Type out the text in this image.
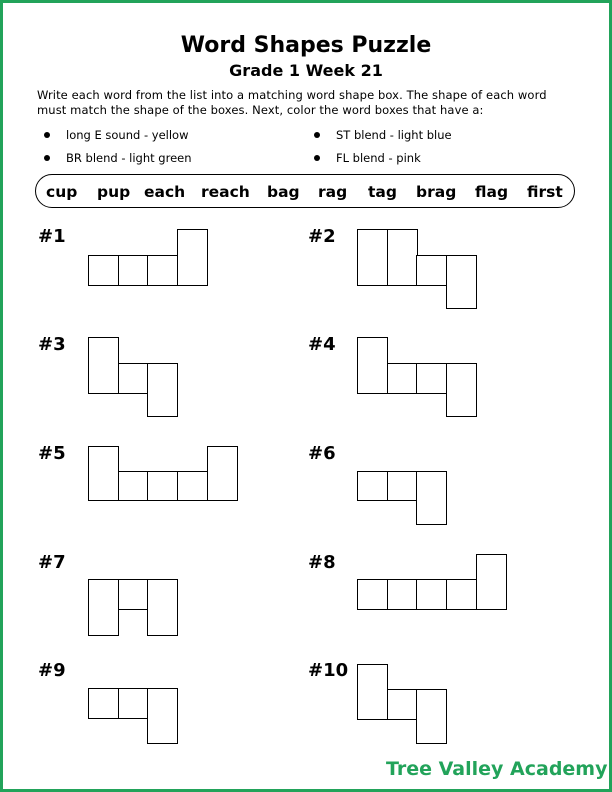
Word Shapes Puzzle
Grade 1 Week 21
Write each word from the list into a matching word shape box. The shape of each word
must match the shape of the boxes. Next, color the word boxes that have a:
long E sound - yellow	ST blend - light blue
BR blend - light green	FL blend - pink
cup pup each reach bag rag tag brag flag first
#1	#2
#3	#4
#5	#6
#7	#8
#9	#10
Tree Valley Academy
